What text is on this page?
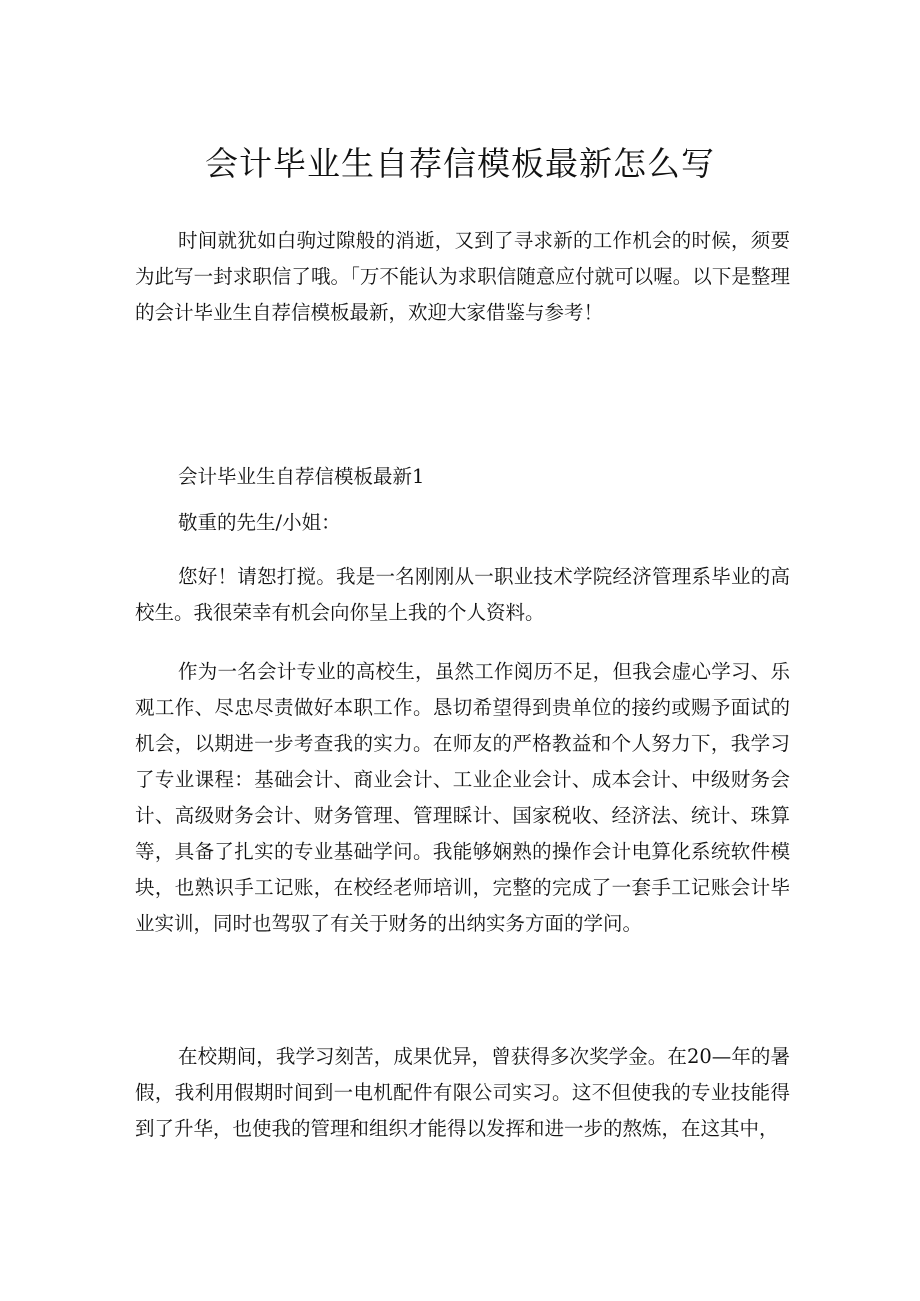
会计毕业生自荐信模板最新怎么写

时间就犹如白驹过隙般的消逝，又到了寻求新的工作机会的时候，须要为此写一封求职信了哦。「万不能认为求职信随意应付就可以喔。以下是整理的会计毕业生自荐信模板最新，欢迎大家借鉴与参考！

会计毕业生自荐信模板最新1

敬重的先生/小姐：

您好！请恕打搅。我是一名刚刚从一职业技术学院经济管理系毕业的高校生。我很荣幸有机会向你呈上我的个人资料。

作为一名会计专业的高校生，虽然工作阅历不足，但我会虚心学习、乐观工作、尽忠尽责做好本职工作。恳切希望得到贵单位的接约或赐予面试的机会，以期进一步考查我的实力。在师友的严格教益和个人努力下，我学习了专业课程：基础会计、商业会计、工业企业会计、成本会计、中级财务会计、高级财务会计、财务管理、管理睬计、国家税收、经济法、统计、珠算等，具备了扎实的专业基础学问。我能够娴熟的操作会计电算化系统软件模块，也熟识手工记账，在校经老师培训，完整的完成了一套手工记账会计毕业实训，同时也驾驭了有关于财务的出纳实务方面的学问。

在校期间，我学习刻苦，成果优异，曾获得多次奖学金。在20—年的暑假，我利用假期时间到一电机配件有限公司实习。这不但使我的专业技能得到了升华，也使我的管理和组织才能得以发挥和进一步的熬炼，在这其中，
